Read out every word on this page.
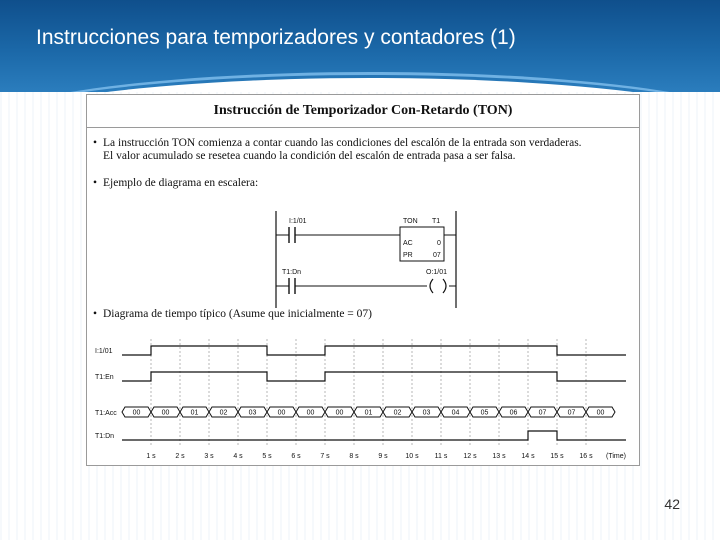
Instrucciones para temporizadores y contadores (1)
Instrucción de Temporizador Con-Retardo (TON)
• La instrucción TON comienza a contar cuando las condiciones del escalón de la entrada son verdaderas.
El valor acumulado se resetea cuando la condición del escalón de entrada pasa a ser falsa.
• Ejemplo de diagrama en escalera:
I:1/01	TON T1
AC	0
PR	07
T1:Dn	O:1/01
• Diagrama de tiempo típico (Asume que inicialmente = 07)
I:1/01
T1:En
T1:Acc
T1:Dn
00	00	01	02	03	00	00	00	01	02	03	04	05	06	07	07	00
1 s	2 s	3 s	4 s	5 s	6 s	7 s	8 s	9 s	10 s 11 s 12 s 13 s 14 s 15 s 16 s (Time)
42
